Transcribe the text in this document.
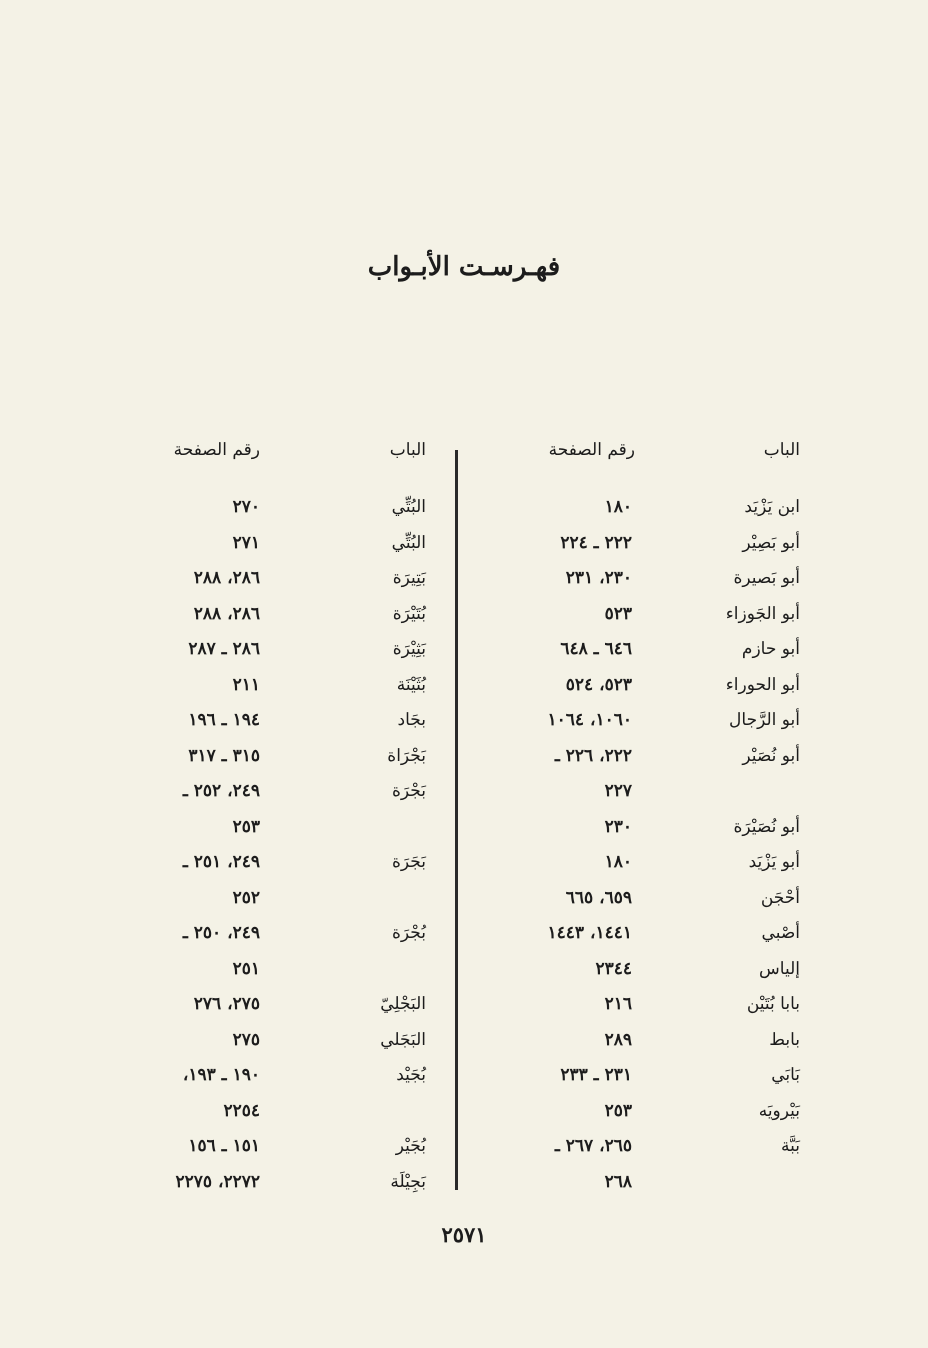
فهـرسـت الأبـواب
الباب
رقم الصفحة
الباب
رقم الصفحة
ابن يَزْيَد
١٨٠
أبو بَصِيْر
٢٢٢ ـ ٢٢٤
أبو بَصيرة
٢٣٠، ٢٣١
أبو الجَوزاء
٥٢٣
أبو حازم
٦٤٦ ـ ٦٤٨
أبو الحوراء
٥٢٣، ٥٢٤
أبو الرَّجال
١٠٦٠، ١٠٦٤
أبو نُصَيْر
٢٢٢، ٢٢٦ ـ
٢٢٧
أبو نُصَيْرَة
٢٣٠
أبو يَزْيَد
١٨٠
أحْجَن
٦٥٩، ٦٦٥
أصْبي
١٤٤١، ١٤٤٣
إلياس
٢٣٤٤
بابا بُتَيْن
٢١٦
بابط
٢٨٩
بَابَي
٢٣١ ـ ٢٣٣
بَيْرويَه
٢٥٣
بَبَّة
٢٦٥، ٢٦٧ ـ
٢٦٨
البُتِّي
٢٧٠
البُتِّي
٢٧١
بَتِيرَة
٢٨٦، ٢٨٨
بُتَيْرَة
٢٨٦، ٢٨٨
بَثِيْرَة
٢٨٦ ـ ٢٨٧
بُثَيْنَة
٢١١
بجَاد
١٩٤ ـ ١٩٦
بَجْرَاة
٣١٥ ـ ٣١٧
بَجْرَة
٢٤٩، ٢٥٢ ـ
٢٥٣
بَجَرَة
٢٤٩، ٢٥١ ـ
٢٥٢
بُجْرَة
٢٤٩، ٢٥٠ ـ
٢٥١
البَجْلِيّ
٢٧٥، ٢٧٦
البَجَلي
٢٧٥
بُجَيْد
١٩٠ ـ ١٩٣،
٢٢٥٤
بُجَيْر
١٥١ ـ ١٥٦
بَجِيْلَة
٢٢٧٢، ٢٢٧٥
٢٥٧١
